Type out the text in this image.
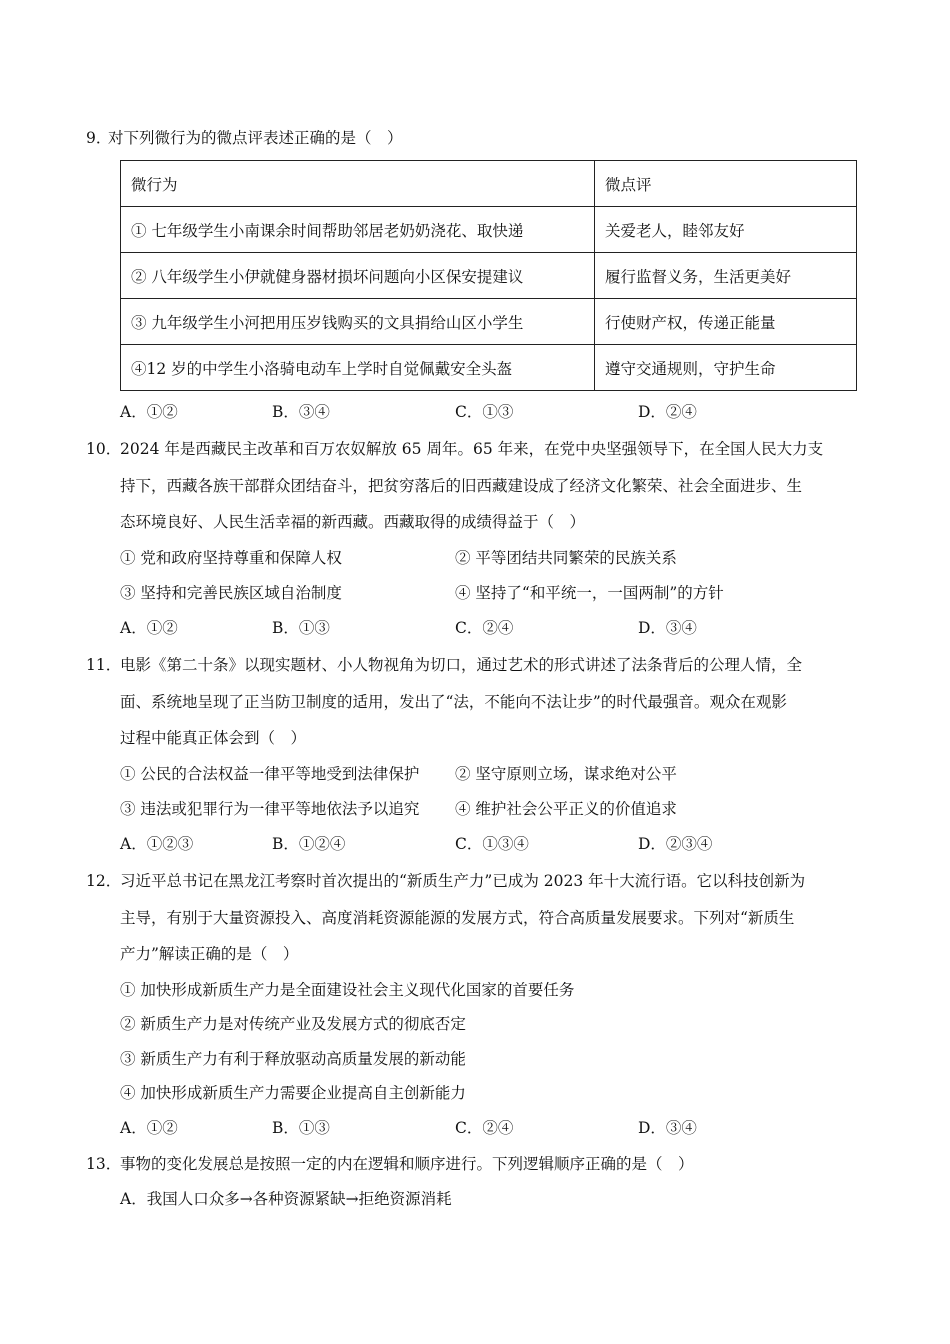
9．
对下列微行为的微点评表述正确的是（　）
微行为	微点评
① 七年级学生小南课余时间帮助邻居老奶奶浇花、取快递	关爱老人，睦邻友好
② 八年级学生小伊就健身器材损坏问题向小区保安提建议	履行监督义务，生活更美好
③ 九年级学生小河把用压岁钱购买的文具捐给山区小学生	行使财产权，传递正能量
④12 岁的中学生小洛骑电动车上学时自觉佩戴安全头盔	遵守交通规则，守护生命
A．①②	B．③④	C．①③	D．②④
10．
2024 年是西藏民主改革和百万农奴解放 65 周年。65 年来，在党中央坚强领导下，在全国人民大力支
持下，西藏各族干部群众团结奋斗，把贫穷落后的旧西藏建设成了经济文化繁荣、社会全面进步、生
态环境良好、人民生活幸福的新西藏。西藏取得的成绩得益于（　）
① 党和政府坚持尊重和保障人权	② 平等团结共同繁荣的民族关系
③ 坚持和完善民族区域自治制度	④ 坚持了“和平统一，一国两制”的方针
A．①②	B．①③	C．②④	D．③④
11．
电影《第二十条》以现实题材、小人物视角为切口，通过艺术的形式讲述了法条背后的公理人情，全
面、系统地呈现了正当防卫制度的适用，发出了“法，不能向不法让步”的时代最强音。观众在观影
过程中能真正体会到（　）
① 公民的合法权益一律平等地受到法律保护 ② 坚守原则立场，谋求绝对公平
③ 违法或犯罪行为一律平等地依法予以追究 ④ 维护社会公平正义的价值追求
A．①②③	B．①②④	C．①③④	D．②③④
12．
习近平总书记在黑龙江考察时首次提出的“新质生产力”已成为 2023 年十大流行语。它以科技创新为
主导，有别于大量资源投入、高度消耗资源能源的发展方式，符合高质量发展要求。下列对“新质生
产力”解读正确的是（　）
① 加快形成新质生产力是全面建设社会主义现代化国家的首要任务
② 新质生产力是对传统产业及发展方式的彻底否定
③ 新质生产力有利于释放驱动高质量发展的新动能
④ 加快形成新质生产力需要企业提高自主创新能力
A．①②	B．①③	C．②④	D．③④
13．
事物的变化发展总是按照一定的内在逻辑和顺序进行。下列逻辑顺序正确的是（　）
A．我国人口众多→各种资源紧缺→拒绝资源消耗
